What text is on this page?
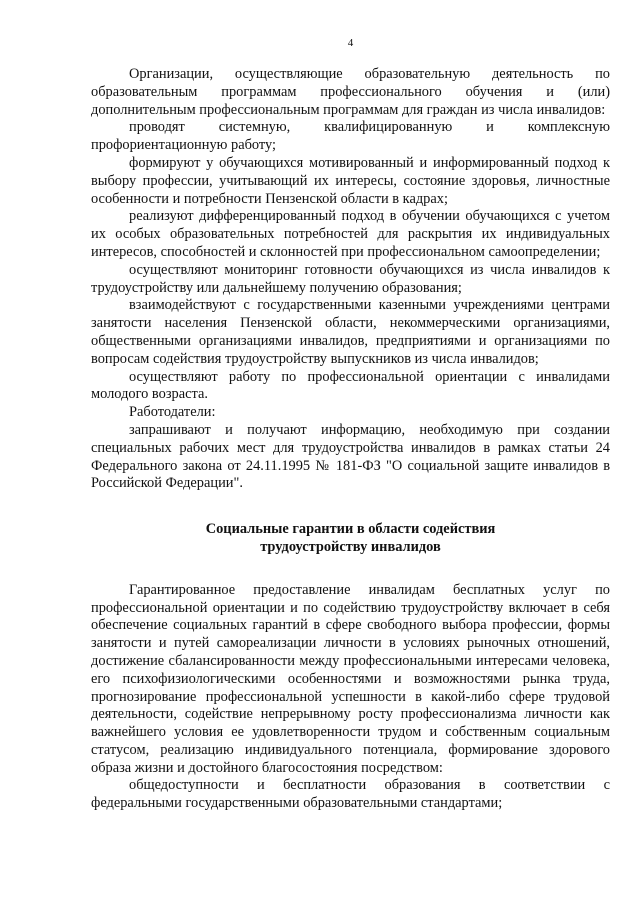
4

Организации, осуществляющие образовательную деятельность по образовательным программам профессионального обучения и (или) дополнительным профессиональным программам для граждан из числа инвалидов:

проводят системную, квалифицированную и комплексную профориентационную работу;

формируют у обучающихся мотивированный и информированный подход к выбору профессии, учитывающий их интересы, состояние здоровья, личностные особенности и потребности Пензенской области в кадрах;

реализуют дифференцированный подход в обучении обучающихся с учетом их особых образовательных потребностей для раскрытия их индивидуальных интересов, способностей и склонностей при профессиональном самоопределении;

осуществляют мониторинг готовности обучающихся из числа инвалидов к трудоустройству или дальнейшему получению образования;

взаимодействуют с государственными казенными учреждениями центрами занятости населения Пензенской области, некоммерческими организациями, общественными организациями инвалидов, предприятиями и организациями по вопросам содействия трудоустройству выпускников из числа инвалидов;

осуществляют работу по профессиональной ориентации с инвалидами молодого возраста.

Работодатели:

запрашивают и получают информацию, необходимую при создании специальных рабочих мест для трудоустройства инвалидов в рамках статьи 24 Федерального закона от 24.11.1995 № 181-ФЗ "О социальной защите инвалидов в Российской Федерации".

Социальные гарантии в области содействия
трудоустройству инвалидов

Гарантированное предоставление инвалидам бесплатных услуг по профессиональной ориентации и по содействию трудоустройству включает в себя обеспечение социальных гарантий в сфере свободного выбора профессии, формы занятости и путей самореализации личности в условиях рыночных отношений, достижение сбалансированности между профессиональными интересами человека, его психофизиологическими особенностями и возможностями рынка труда, прогнозирование профессиональной успешности в какой-либо сфере трудовой деятельности, содействие непрерывному росту профессионализма личности как важнейшего условия ее удовлетворенности трудом и собственным социальным статусом, реализацию индивидуального потенциала, формирование здорового образа жизни и достойного благосостояния посредством:

общедоступности и бесплатности образования в соответствии с федеральными государственными образовательными стандартами;
